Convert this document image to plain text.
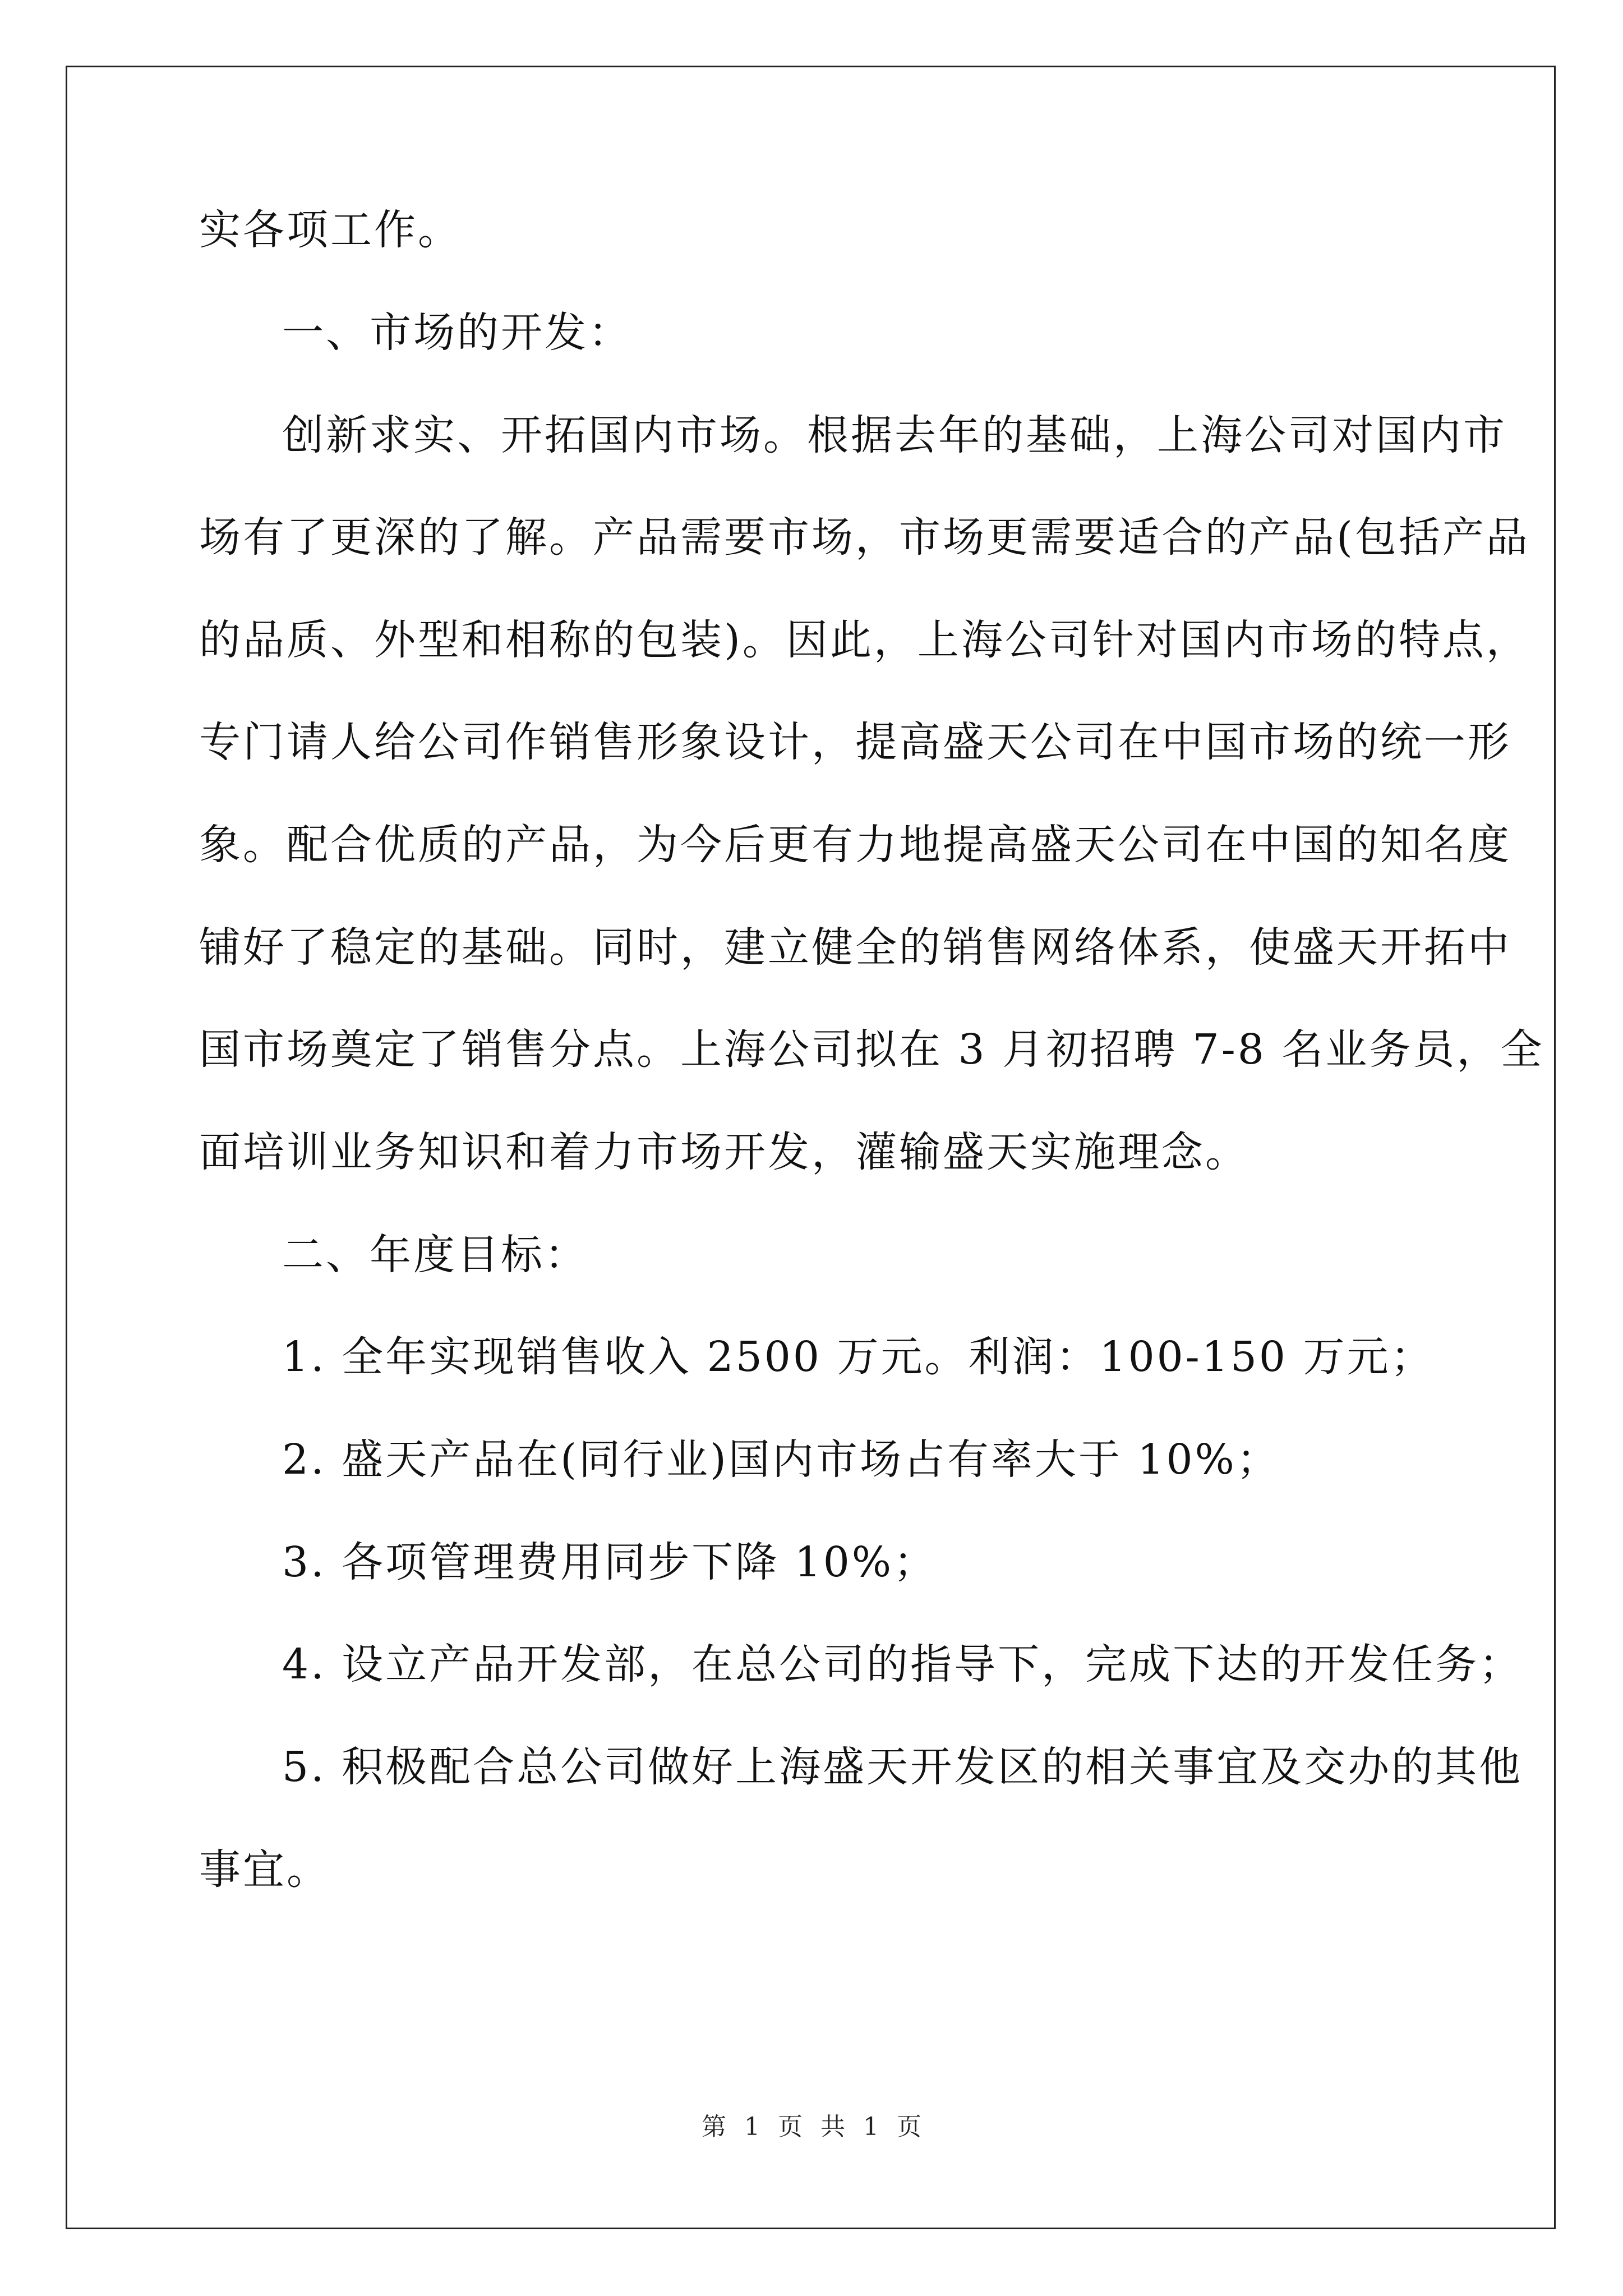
实各项工作。
一、市场的开发：
创新求实、开拓国内市场。根据去年的基础，上海公司对国内市
场有了更深的了解。产品需要市场，市场更需要适合的产品(包括产品
的品质、外型和相称的包装)。因此，上海公司针对国内市场的特点，
专门请人给公司作销售形象设计，提高盛天公司在中国市场的统一形
象。配合优质的产品，为今后更有力地提高盛天公司在中国的知名度
铺好了稳定的基础。同时，建立健全的销售网络体系，使盛天开拓中
国市场奠定了销售分点。上海公司拟在 3 月初招聘 7-8 名业务员，全
面培训业务知识和着力市场开发，灌输盛天实施理念。
二、年度目标：
1. 全年实现销售收入 2500 万元。利润：100-150 万元；
2. 盛天产品在(同行业)国内市场占有率大于 10%；
3. 各项管理费用同步下降 10%；
4. 设立产品开发部，在总公司的指导下，完成下达的开发任务；
5. 积极配合总公司做好上海盛天开发区的相关事宜及交办的其他
事宜。
第 1 页 共 1 页
